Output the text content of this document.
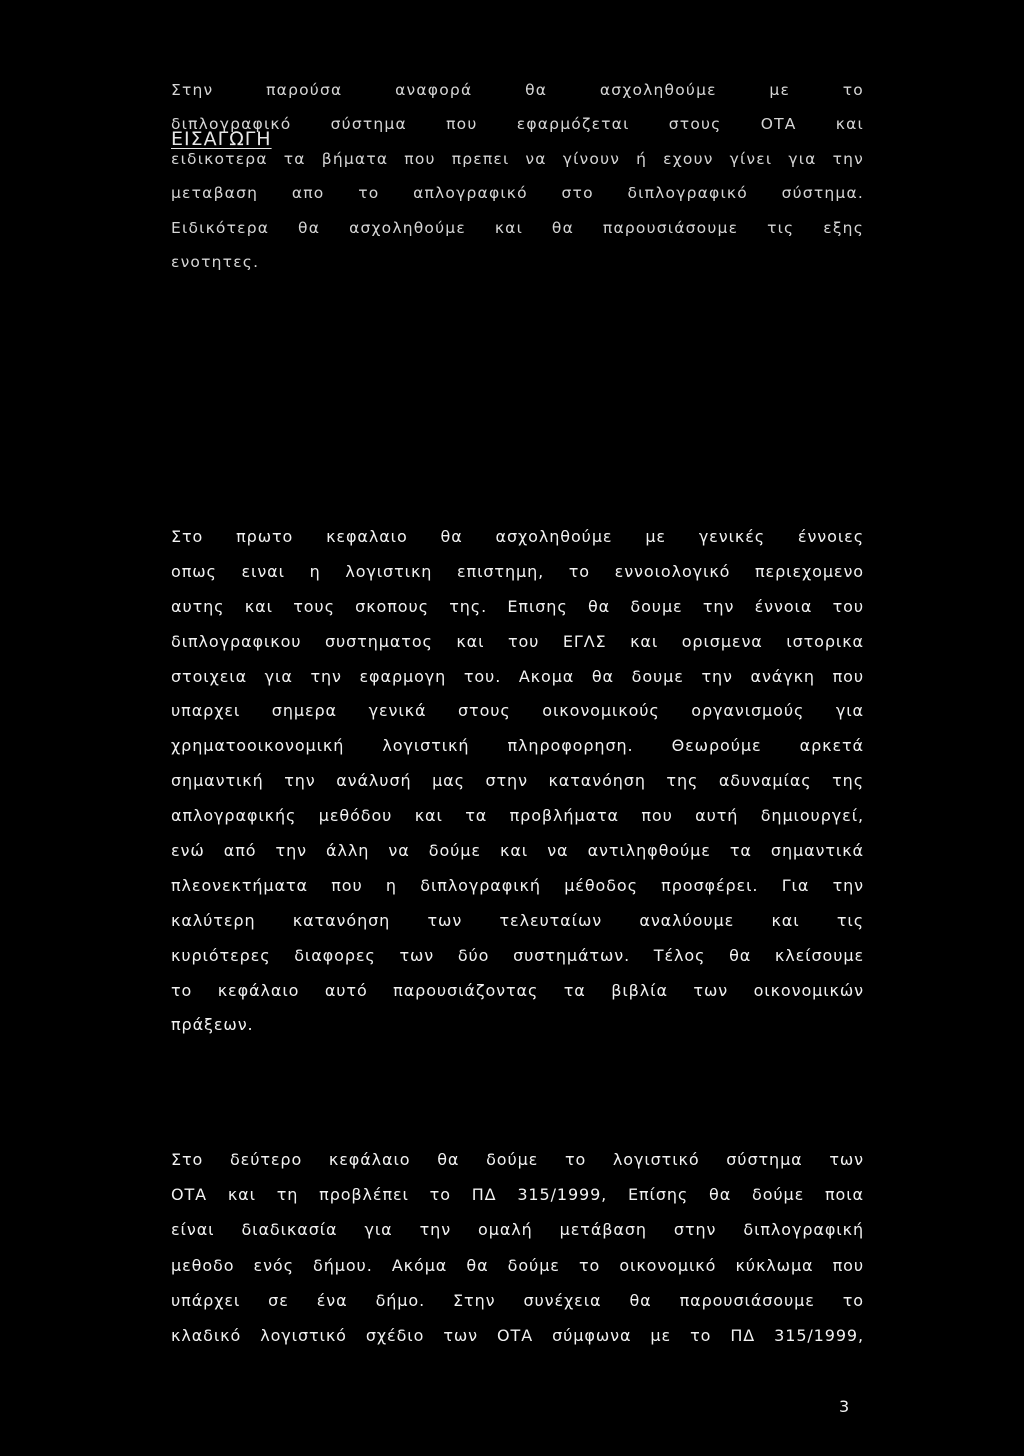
ΕΙΣΑΓΩΓΗ

Στην παρούσα αναφορά θα ασχοληθούμε με το
διπλογραφικό σύστημα που εφαρμόζεται στους ΟΤΑ και
ειδικοτερα τα βήματα που πρεπει να γίνουν ή εχουν γίνει για την
μεταβαση απο το απλογραφικό στο διπλογραφικό σύστημα.
Ειδικότερα θα ασχοληθούμε και θα παρουσιάσουμε τις εξης
ενοτητες.

Στο πρωτο κεφαλαιο θα ασχοληθούμε με γενικές έννοιες
οπως ειναι η λογιστικη επιστημη, το εννοιολογικό περιεχομενο
αυτης και τους σκοπους της. Επισης θα δουμε την έννοια του
διπλογραφικου συστηματος και του ΕΓΛΣ και ορισμενα ιστορικα
στοιχεια για την εφαρμογη του. Ακομα θα δουμε την ανάγκη που
υπαρχει σημερα γενικά στους οικονομικούς οργανισμούς για
χρηματοοικονομική λογιστική πληροφορηση. Θεωρούμε αρκετά
σημαντική την ανάλυσή μας στην κατανόηση της αδυναμίας της
απλογραφικής μεθόδου και τα προβλήματα που αυτή δημιουργεί,
ενώ από την άλλη να δούμε και να αντιληφθούμε τα σημαντικά
πλεονεκτήματα που η διπλογραφική μέθοδος προσφέρει. Για την
καλύτερη κατανόηση των τελευταίων αναλύουμε και τις
κυριότερες διαφορες των δύο συστημάτων. Τέλος θα κλείσουμε
το κεφάλαιο αυτό παρουσιάζοντας τα βιβλία των οικονομικών
πράξεων.

Στο δεύτερο κεφάλαιο θα δούμε το λογιστικό σύστημα των
ΟΤΑ και τη προβλέπει το ΠΔ 315/1999, Επίσης θα δούμε ποια
είναι διαδικασία για την ομαλή μετάβαση στην διπλογραφική
μεθοδο ενός δήμου. Ακόμα θα δούμε το οικονομικό κύκλωμα που
υπάρχει σε ένα δήμο. Στην συνέχεια θα παρουσιάσουμε το
κλαδικό λογιστικό σχέδιο των ΟΤΑ σύμφωνα με το ΠΔ 315/1999,

3
